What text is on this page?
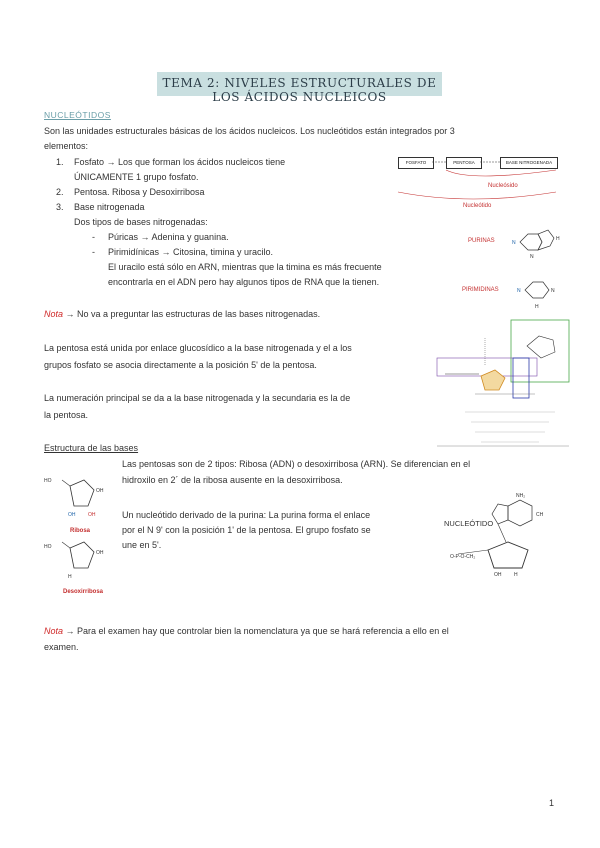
TEMA 2: NIVELES ESTRUCTURALES DE LOS ÁCIDOS NUCLEICOS
NUCLEÓTIDOS
Son las unidades estructurales básicas de los ácidos nucleicos. Los nucleótidos están integrados por 3
elementos:
1. Fosfato → Los que forman los ácidos nucleicos tiene
ÚNICAMENTE 1 grupo fosfato.
2. Pentosa. Ribosa y Desoxirribosa
3. Base nitrogenada
Dos tipos de bases nitrogenadas:
- Púricas → Adenina y guanina.
- Pirimidínicas → Citosina, timina y uracilo.
El uracilo está sólo en ARN, mientras que la timina es más frecuente
encontrarla en el ADN pero hay algunos tipos de RNA que la tienen.
FOSFATO	PENTOSA	BASE NITROGENADA
Nucleósido
Nucleótido
PURINAS	N
H
N
PIRIMIDINAS	N	N
H
Nota → No va a preguntar las estructuras de las bases nitrogenadas.
La pentosa está unida por enlace glucosídico a la base nitrogenada y el a los
grupos fosfato se asocia directamente a la posición 5' de la pentosa.
La numeración principal se da a la base nitrogenada y la secundaria es la de
la pentosa.
Estructura de las bases
Las pentosas son de 2 tipos: Ribosa (ADN) o desoxirribosa (ARN). Se diferencian en el
hidroxilo en 2´ de la ribosa ausente en la desoxirribosa.
HO
OH
OH	OH
Ribosa
HO
OH
H
Desoxirribosa
Un nucleótido derivado de la purina: La purina forma el enlace
por el N 9' con la posición 1' de la pentosa. El grupo fosfato se
une en 5'.
NUCLEÓTIDO
NH₂
CH
O-P-O-CH₂
OH	H
Nota → Para el examen hay que controlar bien la nomenclatura ya que se hará referencia a ello en el
examen.
1
